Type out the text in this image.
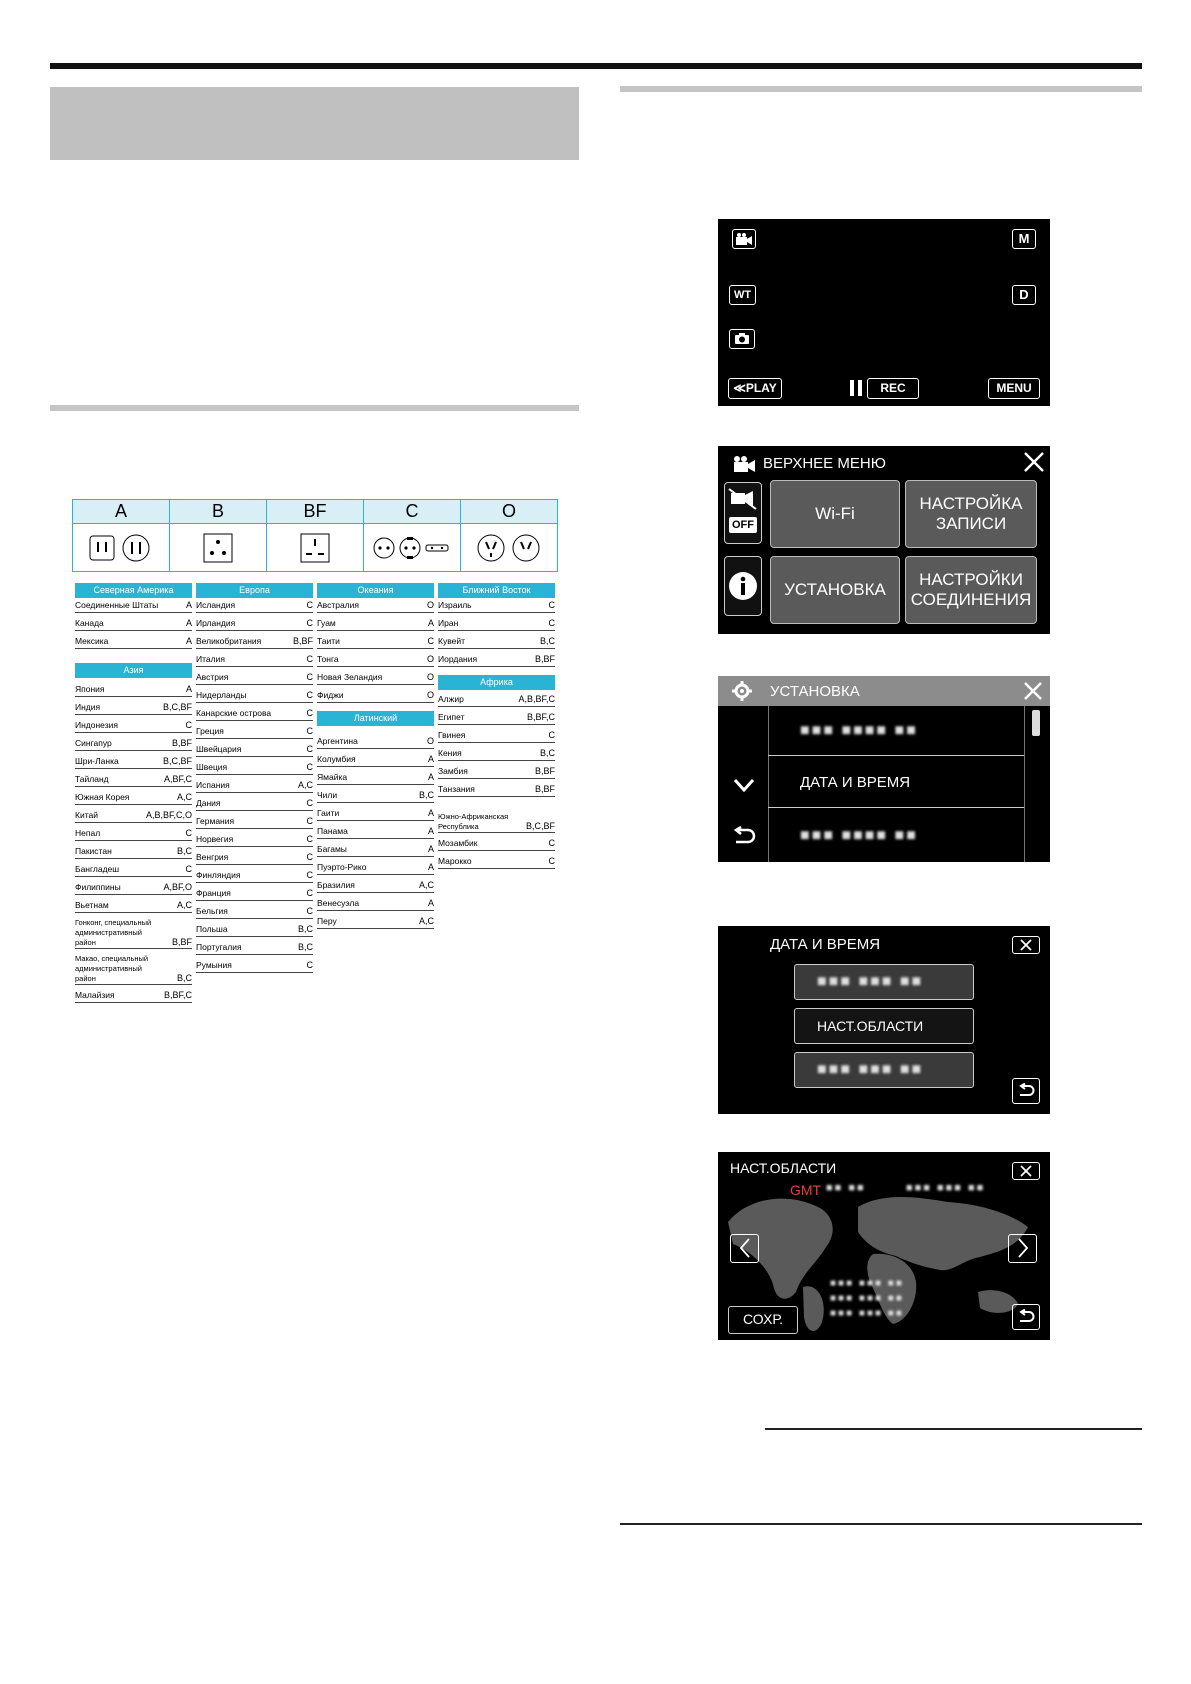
A	B	BF	C	O
Северная Америка
Соединенные Штаты	A
Канада	A
Мексика	A
Азия
Япония	A
Индия	B,C,BF
Индонезия	C
Сингапур	B,BF
Шри-Ланка	B,C,BF
Тайланд	A,BF,C
Южная Корея	A,C
Китай	A,B,BF,C,O
Непал	C
Пакистан	B,C
Бангладеш	C
Филиппины	A,BF,O
Вьетнам	A,C
Гонконг, специальный административный район	B,BF
Макао, специальный административный район	B,C
Малайзия	B,BF,C
Европа
Исландия	C
Ирландия	C
Великобритания	B,BF
Италия	C
Австрия	C
Нидерланды	C
Канарские острова	C
Греция	C
Швейцария	C
Швеция	C
Испания	A,C
Дания	C
Германия	C
Норвегия	C
Венгрия	C
Финляндия	C
Франция	C
Бельгия	C
Польша	B,C
Португалия	B,C
Румыния	C
Океания
Австралия	O
Гуам	A
Таити	C
Тонга	O
Новая Зеландия	O
Фиджи	O
Латинский
Аргентина	O
Колумбия	A
Ямайка	A
Чили	B,C
Гаити	A
Панама	A
Багамы	A
Пуэрто-Рико	A
Бразилия	A,C
Венесуэла	A
Перу	A,C
Ближний Восток
Израиль	C
Иран	C
Кувейт	B,C
Иордания	B,BF
Африка
Алжир	A,B,BF,C
Египет	B,BF,C
Гвинея	C
Кения	B,C
Замбия	B,BF
Танзания	B,BF
Южно-Африканская Республика	B,C,BF
Мозамбик	C
Марокко	C
M
WT	D
≪PLAY	REC	MENU
ВЕРХНЕЕ МЕНЮ
OFF
Wi-Fi
НАСТРОЙКА
ЗАПИСИ
УСТАНОВКА
НАСТРОЙКИ
СОЕДИНЕНИЯ
УСТАНОВКА
■■■ ■■■■ ■■
ДАТА И ВРЕМЯ
■■■ ■■■■ ■■
ДАТА И ВРЕМЯ
■■■ ■■■ ■■
НАСТ.ОБЛАСТИ
■■■ ■■■ ■■
НАСТ.ОБЛАСТИ
GMT ■■ ■■	■■■ ■■■ ■■
■■■ ■■■ ■■
■■■ ■■■ ■■
■■■ ■■■ ■■
СОХР.
